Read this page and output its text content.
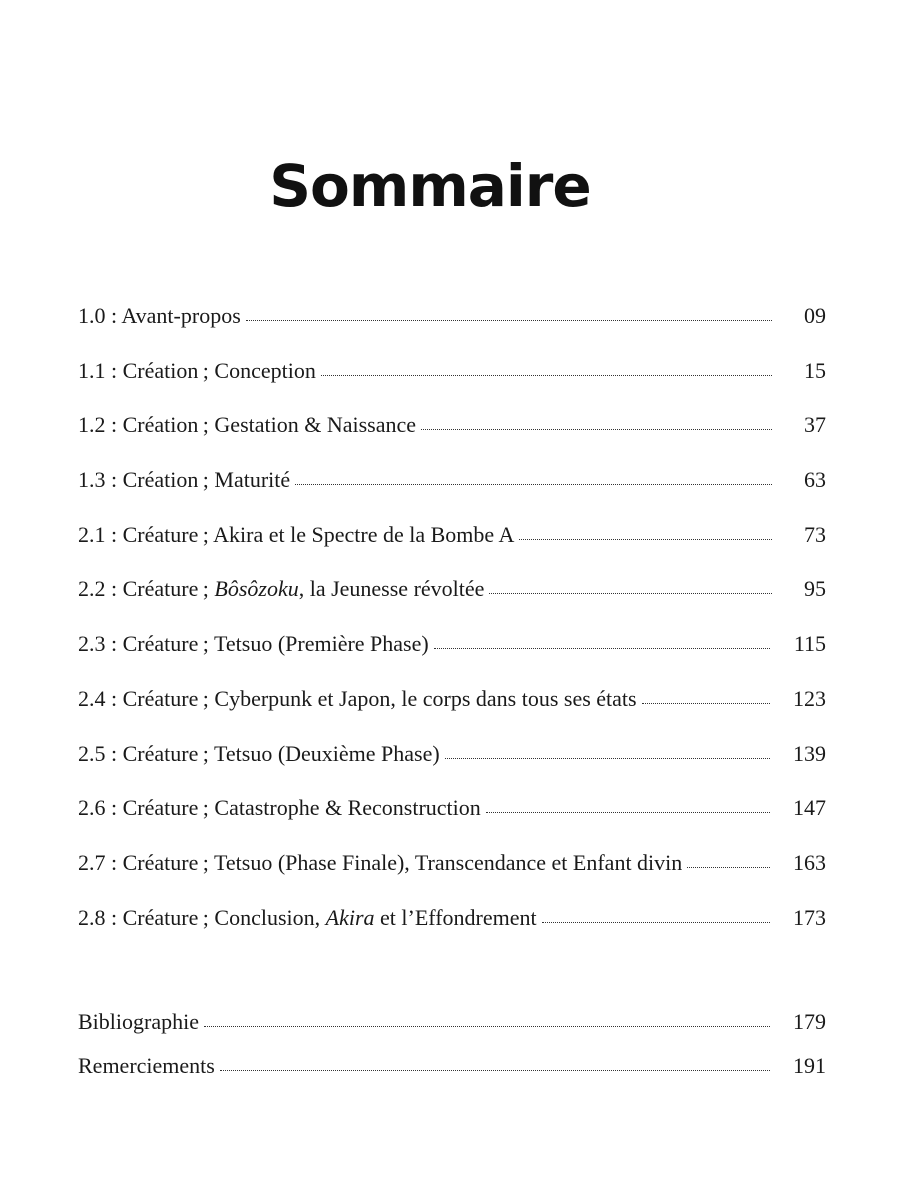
Sommaire
1.0 : Avant-propos	09
1.1 : Création ; Conception	15
1.2 : Création ; Gestation & Naissance	37
1.3 : Création ; Maturité	63
2.1 : Créature ; Akira et le Spectre de la Bombe A	73
2.2 : Créature ; Bôsôzoku, la Jeunesse révoltée	95
2.3 : Créature ; Tetsuo (Première Phase)	115
2.4 : Créature ; Cyberpunk et Japon, le corps dans tous ses états	123
2.5 : Créature ; Tetsuo (Deuxième Phase)	139
2.6 : Créature ; Catastrophe & Reconstruction	147
2.7 : Créature ; Tetsuo (Phase Finale), Transcendance et Enfant divin	163
2.8 : Créature ; Conclusion, Akira et l’Effondrement	173
Bibliographie	179
Remerciements	191
